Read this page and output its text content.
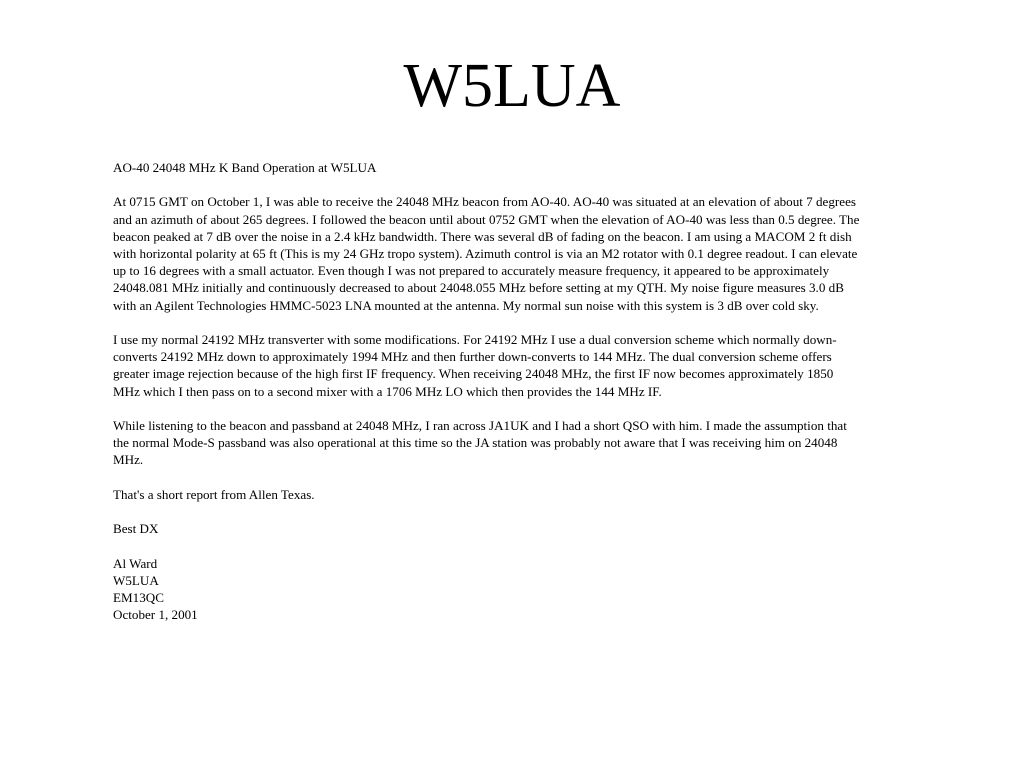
W5LUA

AO-40 24048 MHz K Band Operation at W5LUA

At 0715 GMT on October 1, I was able to receive the 24048 MHz beacon from AO-40. AO-40 was situated at an elevation of about 7 degrees and an azimuth of about 265 degrees. I followed the beacon until about 0752 GMT when the elevation of AO-40 was less than 0.5 degree. The beacon peaked at 7 dB over the noise in a 2.4 kHz bandwidth. There was several dB of fading on the beacon. I am using a MACOM 2 ft dish with horizontal polarity at 65 ft (This is my 24 GHz tropo system). Azimuth control is via an M2 rotator with 0.1 degree readout. I can elevate up to 16 degrees with a small actuator. Even though I was not prepared to accurately measure frequency, it appeared to be approximately 24048.081 MHz initially and continuously decreased to about 24048.055 MHz before setting at my QTH. My noise figure measures 3.0 dB with an Agilent Technologies HMMC-5023 LNA mounted at the antenna. My normal sun noise with this system is 3 dB over cold sky.

I use my normal 24192 MHz transverter with some modifications. For 24192 MHz I use a dual conversion scheme which normally down-converts 24192 MHz down to approximately 1994 MHz and then further down-converts to 144 MHz. The dual conversion scheme offers greater image rejection because of the high first IF frequency. When receiving 24048 MHz, the first IF now becomes approximately 1850 MHz which I then pass on to a second mixer with a 1706 MHz LO which then provides the 144 MHz IF.

While listening to the beacon and passband at 24048 MHz, I ran across JA1UK and I had a short QSO with him. I made the assumption that the normal Mode-S passband was also operational at this time so the JA station was probably not aware that I was receiving him on 24048 MHz.

That's a short report from Allen Texas.

Best DX

Al Ward
W5LUA
EM13QC
October 1, 2001
